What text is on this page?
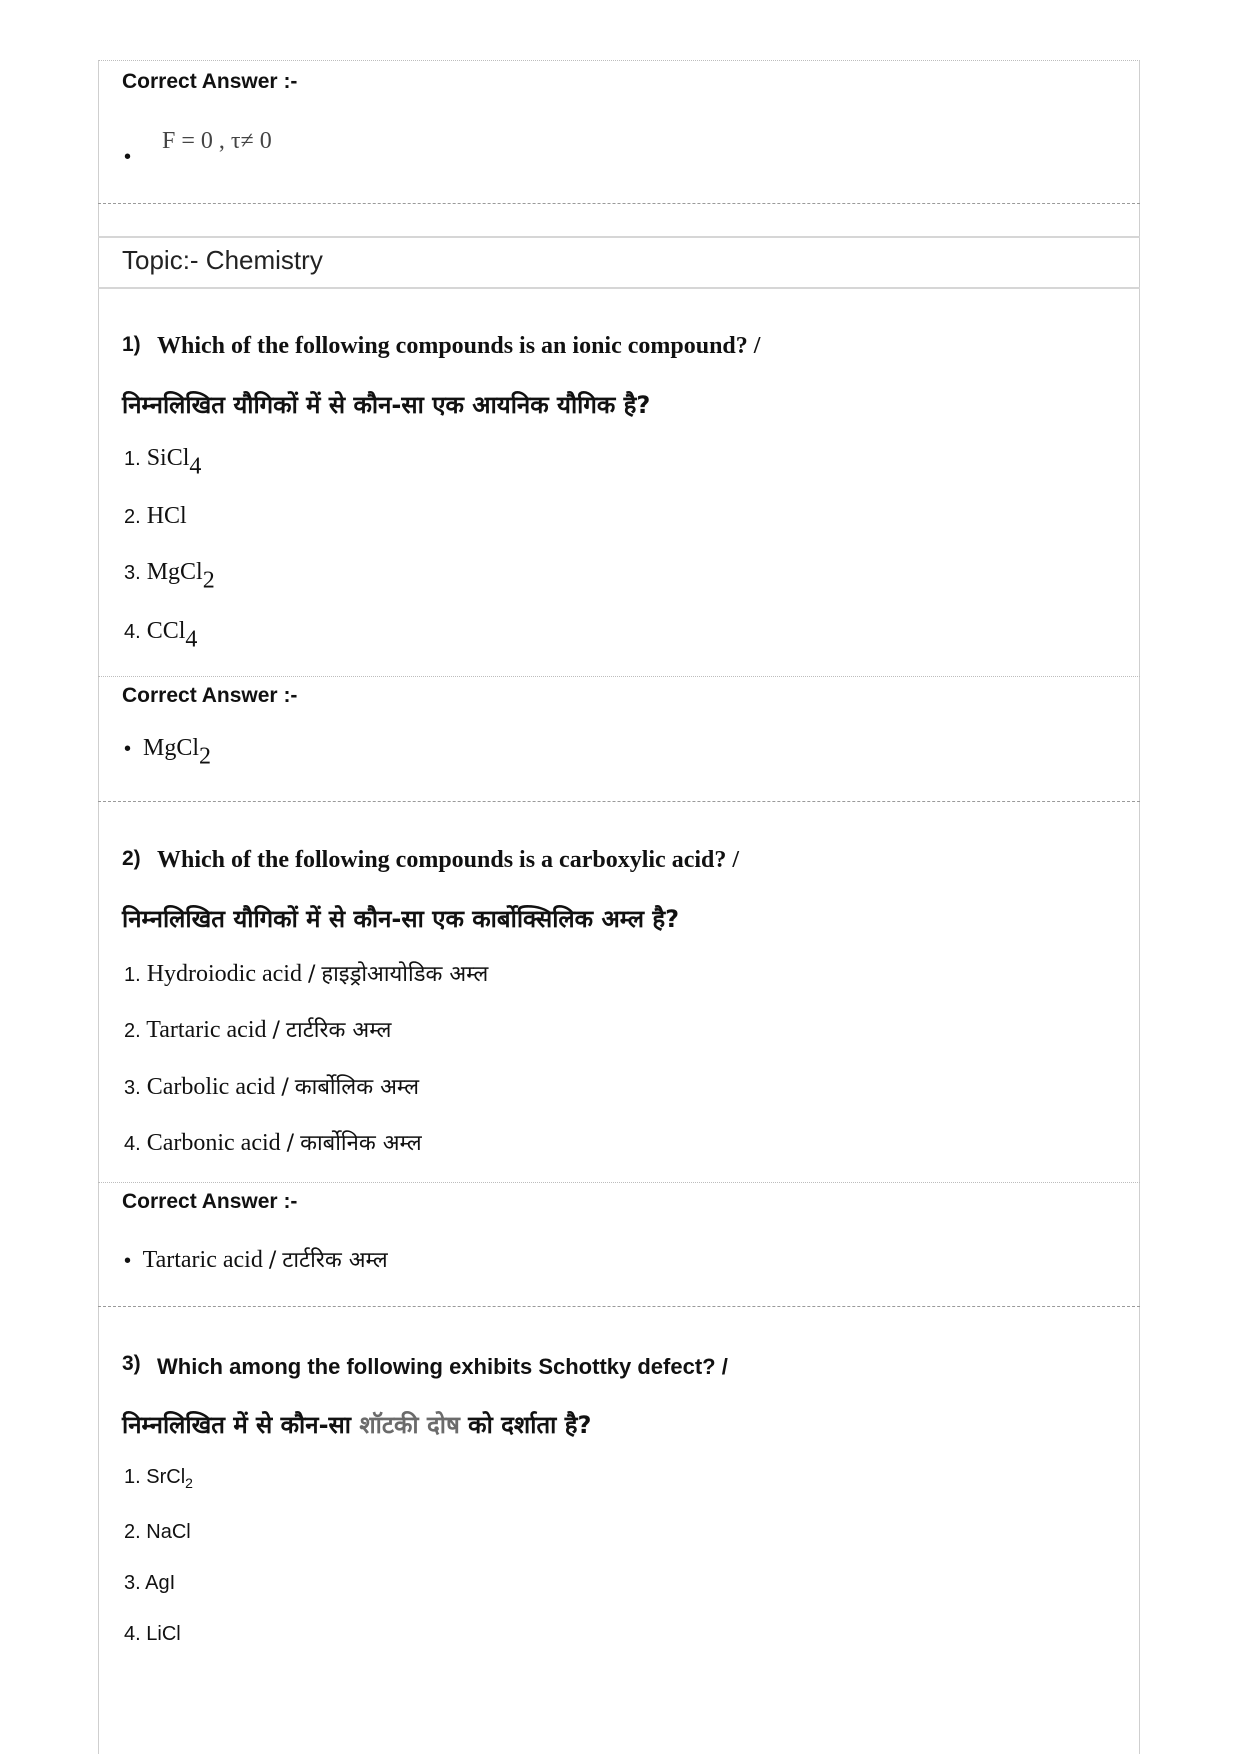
Correct Answer :-
•
F = 0 , τ≠ 0
Topic:- Chemistry
1) Which of the following compounds is an ionic compound? /
निम्नलिखित यौगिकों में से कौन-सा एक आयनिक यौगिक है?
1. SiCl$_4$
2. HCl
3. MgCl$_2$
4. CCl$_4$
Correct Answer :-
• MgCl$_2$
2) Which of the following compounds is a carboxylic acid? /
निम्नलिखित यौगिकों में से कौन-सा एक कार्बोक्सिलिक अम्ल है?
1. Hydroiodic acid / हाइड्रोआयोडिक अम्ल
2. Tartaric acid / टार्टरिक अम्ल
3. Carbolic acid / कार्बोलिक अम्ल
4. Carbonic acid / कार्बोनिक अम्ल
Correct Answer :-
• Tartaric acid / टार्टरिक अम्ल
3) Which among the following exhibits Schottky defect? /
निम्नलिखित में से कौन-सा शॉटकी दोष को दर्शाता है?
1. SrCl$_2$
2. NaCl
3. AgI
4. LiCl
